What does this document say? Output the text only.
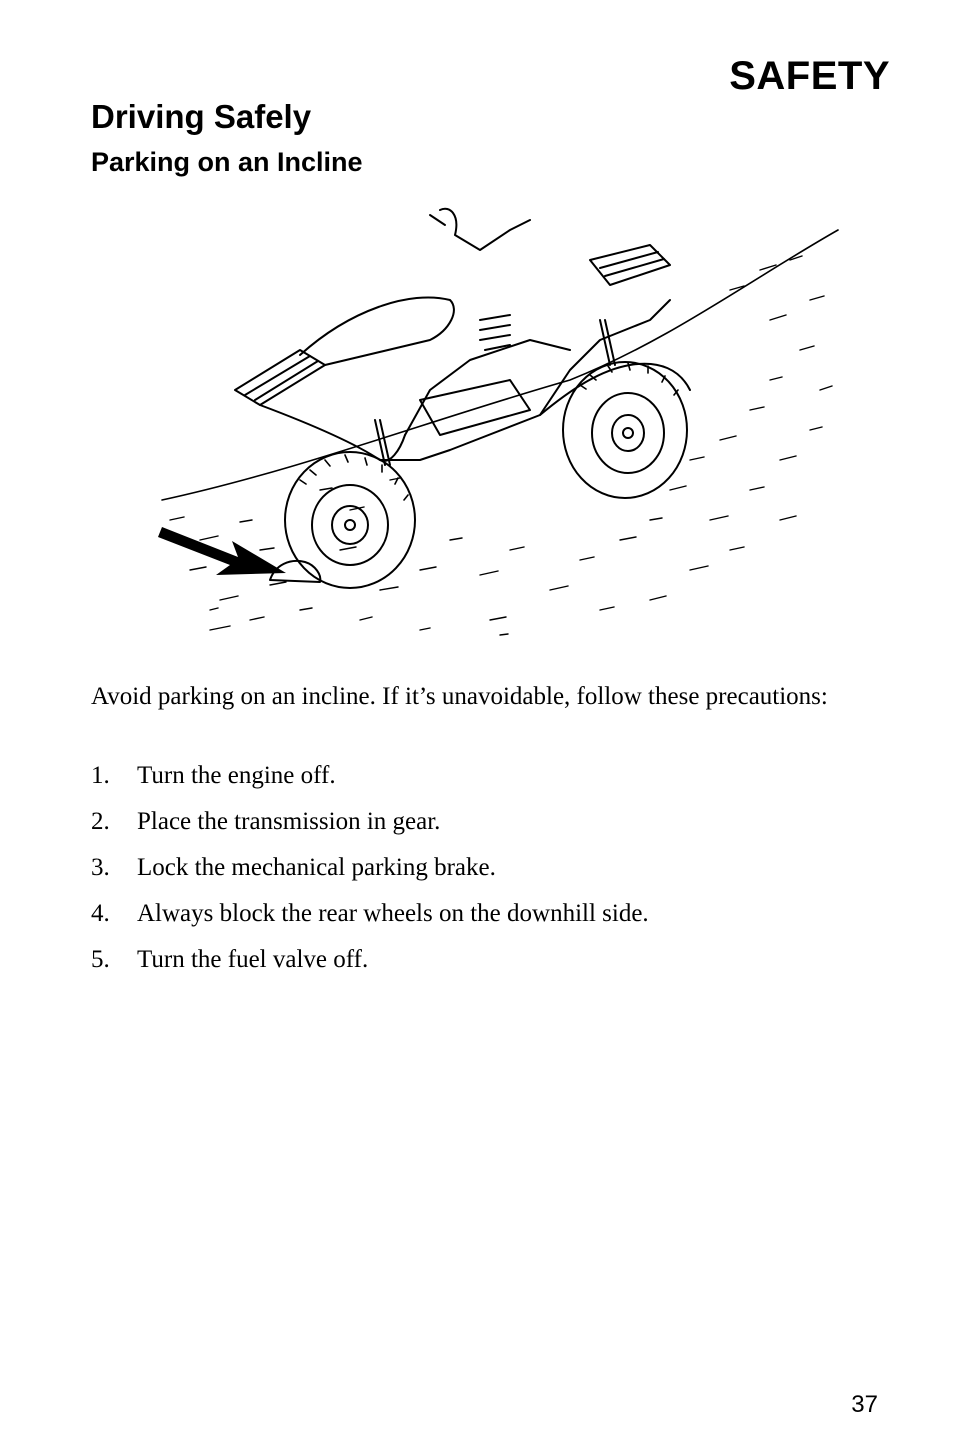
SAFETY
Driving Safely
Parking on an Incline
Avoid parking on an incline. If it’s unavoidable, follow these precautions:
1.	Turn the engine off.
2.	Place the transmission in gear.
3.	Lock the mechanical parking brake.
4.	Always block the rear wheels on the downhill side.
5.	Turn the fuel valve off.
37
